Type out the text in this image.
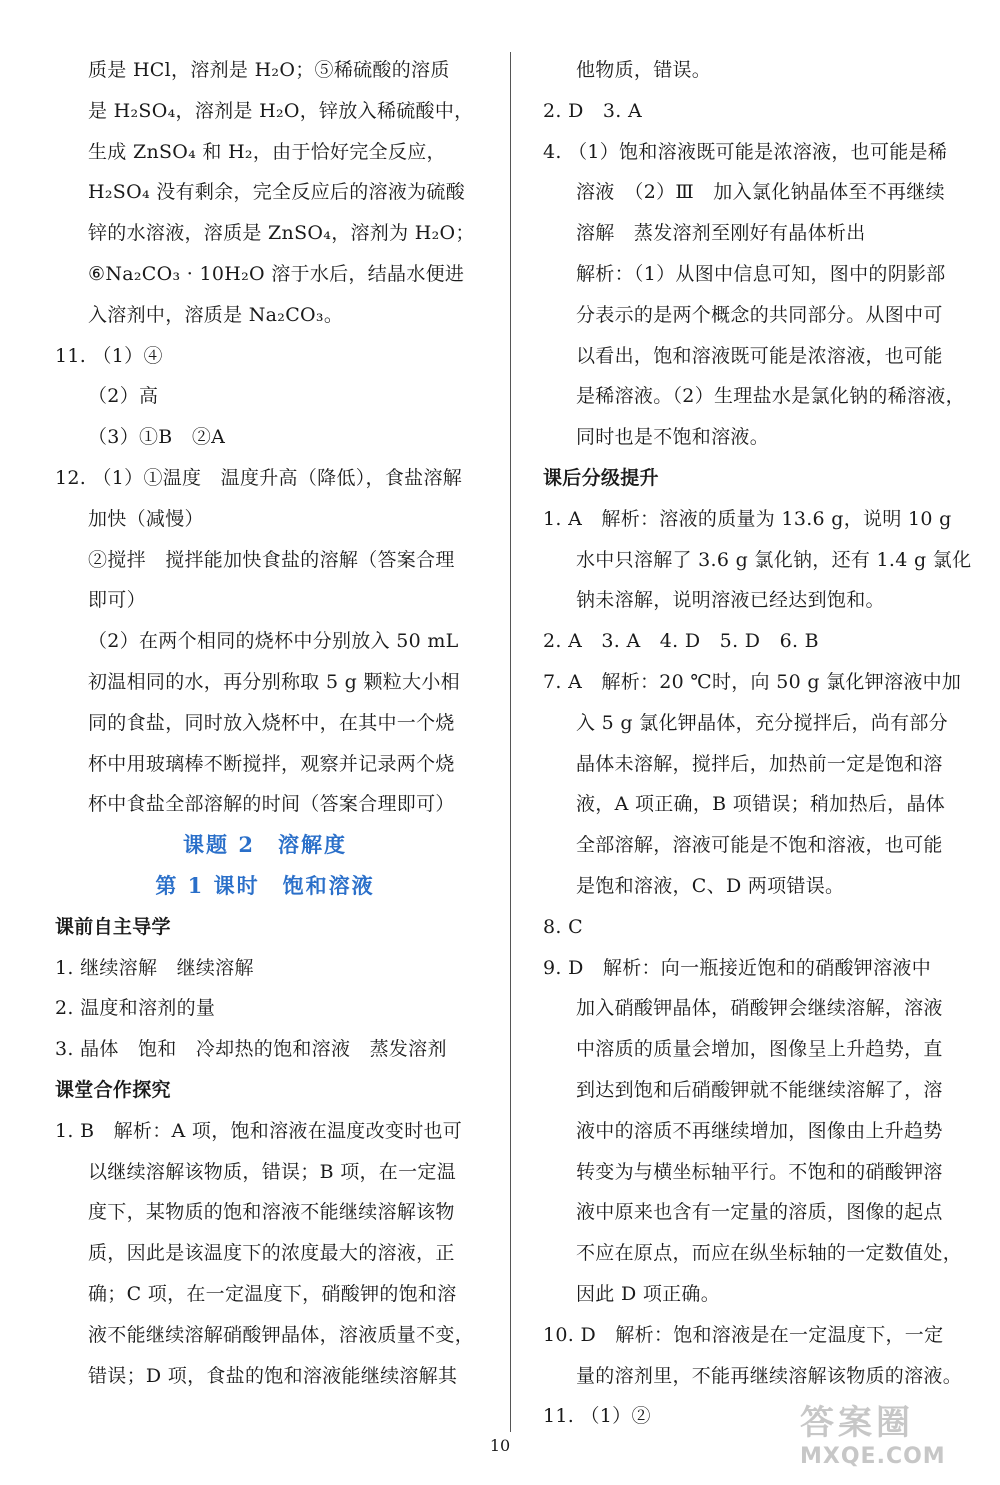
质是 HCl，溶剂是 H₂O；⑤稀硫酸的溶质
是 H₂SO₄，溶剂是 H₂O，锌放入稀硫酸中，
生成 ZnSO₄ 和 H₂，由于恰好完全反应，
H₂SO₄ 没有剩余，完全反应后的溶液为硫酸
锌的水溶液，溶质是 ZnSO₄，溶剂为 H₂O；
⑥Na₂CO₃ · 10H₂O 溶于水后，结晶水便进
入溶剂中，溶质是 Na₂CO₃。
11. （1）④
（2）高
（3）①B　②A
12. （1）①温度　温度升高（降低），食盐溶解
加快（减慢）
②搅拌　搅拌能加快食盐的溶解（答案合理
即可）
（2）在两个相同的烧杯中分别放入 50 mL
初温相同的水，再分别称取 5 g 颗粒大小相
同的食盐，同时放入烧杯中，在其中一个烧
杯中用玻璃棒不断搅拌，观察并记录两个烧
杯中食盐全部溶解的时间（答案合理即可）
课题 2　溶解度
第 1 课时　饱和溶液
课前自主导学
1. 继续溶解　继续溶解
2. 温度和溶剂的量
3. 晶体　饱和　冷却热的饱和溶液　蒸发溶剂
课堂合作探究
1. B　解析：A 项，饱和溶液在温度改变时也可
以继续溶解该物质，错误；B 项，在一定温
度下，某物质的饱和溶液不能继续溶解该物
质，因此是该温度下的浓度最大的溶液，正
确；C 项，在一定温度下，硝酸钾的饱和溶
液不能继续溶解硝酸钾晶体，溶液质量不变，
错误；D 项，食盐的饱和溶液能继续溶解其
他物质，错误。
2. D　3. A
4. （1）饱和溶液既可能是浓溶液，也可能是稀
溶液　（2）Ⅲ　加入氯化钠晶体至不再继续
溶解　蒸发溶剂至刚好有晶体析出
解析：（1）从图中信息可知，图中的阴影部
分表示的是两个概念的共同部分。从图中可
以看出，饱和溶液既可能是浓溶液，也可能
是稀溶液。（2）生理盐水是氯化钠的稀溶液，
同时也是不饱和溶液。
课后分级提升
1. A　解析：溶液的质量为 13.6 g，说明 10 g
水中只溶解了 3.6 g 氯化钠，还有 1.4 g 氯化
钠未溶解，说明溶液已经达到饱和。
2. A　3. A　4. D　5. D　6. B
7. A　解析：20 ℃时，向 50 g 氯化钾溶液中加
入 5 g 氯化钾晶体，充分搅拌后，尚有部分
晶体未溶解，搅拌后，加热前一定是饱和溶
液，A 项正确，B 项错误；稍加热后，晶体
全部溶解，溶液可能是不饱和溶液，也可能
是饱和溶液，C、D 两项错误。
8. C
9. D　解析：向一瓶接近饱和的硝酸钾溶液中
加入硝酸钾晶体，硝酸钾会继续溶解，溶液
中溶质的质量会增加，图像呈上升趋势，直
到达到饱和后硝酸钾就不能继续溶解了，溶
液中的溶质不再继续增加，图像由上升趋势
转变为与横坐标轴平行。不饱和的硝酸钾溶
液中原来也含有一定量的溶质，图像的起点
不应在原点，而应在纵坐标轴的一定数值处，
因此 D 项正确。
10. D　解析：饱和溶液是在一定温度下，一定
量的溶剂里，不能再继续溶解该物质的溶液。
11. （1）②
10
答案圈
MXQE.COM
